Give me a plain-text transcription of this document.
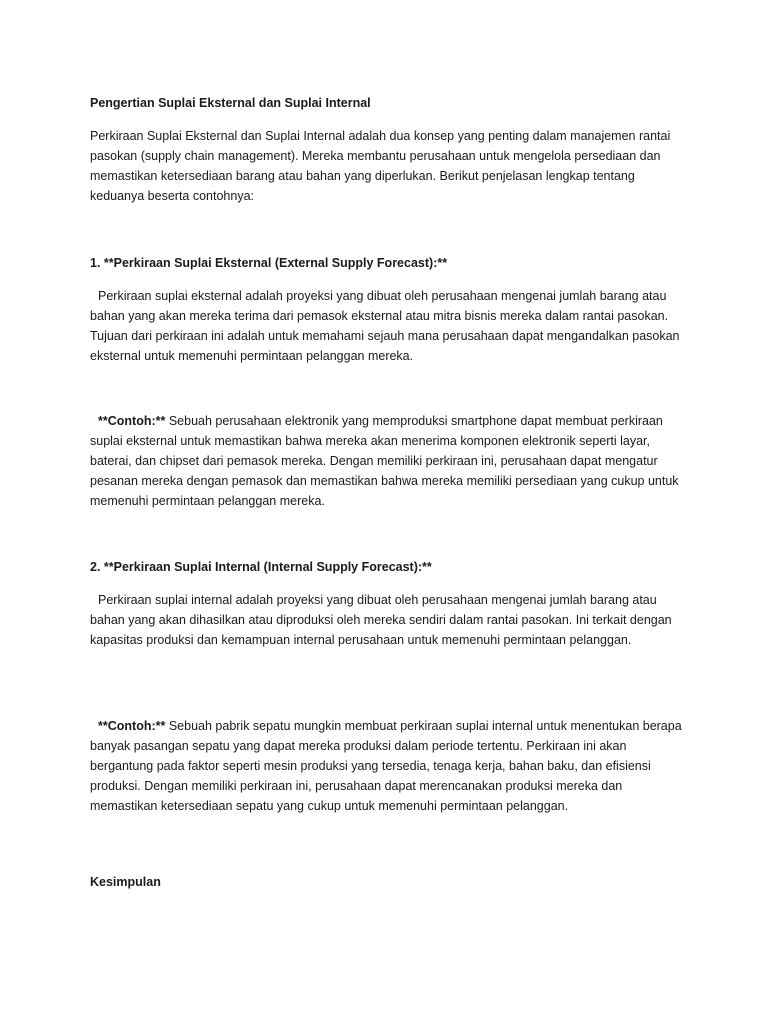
Pengertian Suplai Eksternal dan Suplai Internal

Perkiraan Suplai Eksternal dan Suplai Internal adalah dua konsep yang penting dalam manajemen rantai pasokan (supply chain management). Mereka membantu perusahaan untuk mengelola persediaan dan memastikan ketersediaan barang atau bahan yang diperlukan. Berikut penjelasan lengkap tentang keduanya beserta contohnya:

1. **Perkiraan Suplai Eksternal (External Supply Forecast):**

Perkiraan suplai eksternal adalah proyeksi yang dibuat oleh perusahaan mengenai jumlah barang atau bahan yang akan mereka terima dari pemasok eksternal atau mitra bisnis mereka dalam rantai pasokan. Tujuan dari perkiraan ini adalah untuk memahami sejauh mana perusahaan dapat mengandalkan pasokan eksternal untuk memenuhi permintaan pelanggan mereka.

**Contoh:** Sebuah perusahaan elektronik yang memproduksi smartphone dapat membuat perkiraan suplai eksternal untuk memastikan bahwa mereka akan menerima komponen elektronik seperti layar, baterai, dan chipset dari pemasok mereka. Dengan memiliki perkiraan ini, perusahaan dapat mengatur pesanan mereka dengan pemasok dan memastikan bahwa mereka memiliki persediaan yang cukup untuk memenuhi permintaan pelanggan mereka.

2. **Perkiraan Suplai Internal (Internal Supply Forecast):**

Perkiraan suplai internal adalah proyeksi yang dibuat oleh perusahaan mengenai jumlah barang atau bahan yang akan dihasilkan atau diproduksi oleh mereka sendiri dalam rantai pasokan. Ini terkait dengan kapasitas produksi dan kemampuan internal perusahaan untuk memenuhi permintaan pelanggan.

**Contoh:** Sebuah pabrik sepatu mungkin membuat perkiraan suplai internal untuk menentukan berapa banyak pasangan sepatu yang dapat mereka produksi dalam periode tertentu. Perkiraan ini akan bergantung pada faktor seperti mesin produksi yang tersedia, tenaga kerja, bahan baku, dan efisiensi produksi. Dengan memiliki perkiraan ini, perusahaan dapat merencanakan produksi mereka dan memastikan ketersediaan sepatu yang cukup untuk memenuhi permintaan pelanggan.

Kesimpulan
